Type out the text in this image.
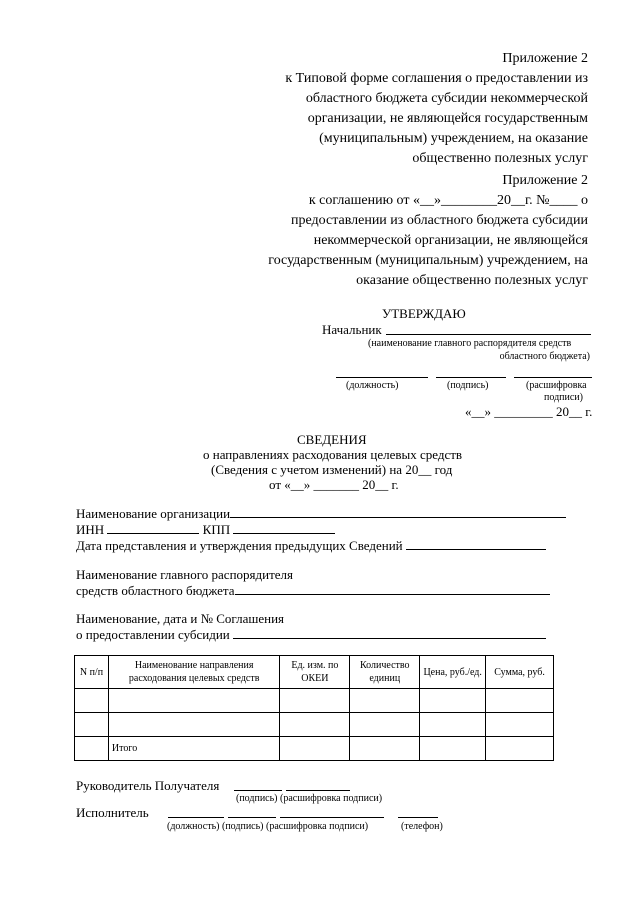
Приложение 2
к Типовой форме соглашения о предоставлении из
областного бюджета субсидии некоммерческой
организации, не являющейся государственным
(муниципальным) учреждением, на оказание
общественно полезных услуг
Приложение 2
к соглашению от «__»________20__г. №____ о
предоставлении из областного бюджета субсидии
некоммерческой организации, не являющейся
государственным (муниципальным) учреждением, на
оказание общественно полезных услуг
УТВЕРЖДАЮ
Начальник
(наименование главного распорядителя средств
областного бюджета)
(должность)	(подпись)	(расшифровка
подписи)
«__» _________ 20__ г.
СВЕДЕНИЯ
о направлениях расходования целевых средств
(Сведения с учетом изменений) на 20__ год
от «__» _______ 20__ г.
Наименование организации
ИНН	КПП
Дата представления и утверждения предыдущих Сведений
Наименование главного распорядителя
средств областного бюджета
Наименование, дата и № Соглашения
о предоставлении субсидии
N п/п	Наименование направления расходования целевых средств	Ед. изм. по ОКЕИ	Количество единиц	Цена, руб./ед.	Сумма, руб.

	Итого				
Руководитель Получателя
(подпись) (расшифровка подписи)
Исполнитель
(должность) (подпись) (расшифровка подписи)	(телефон)
